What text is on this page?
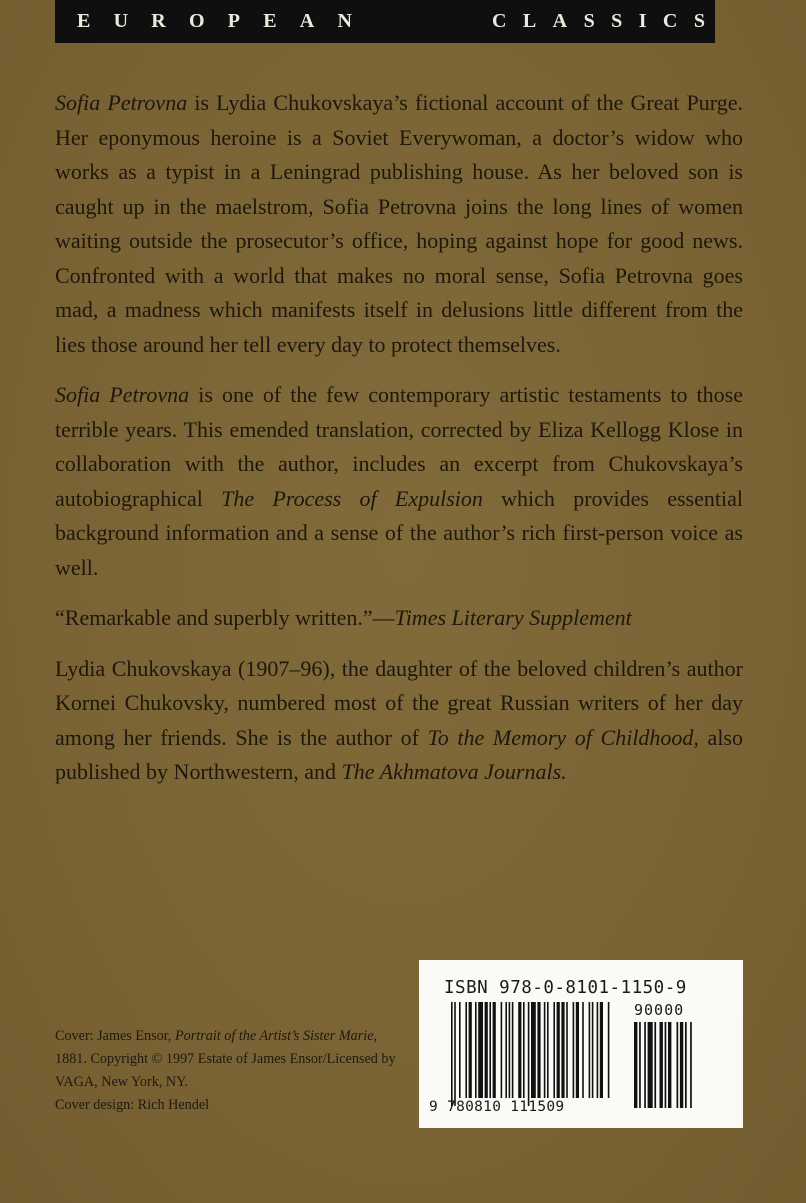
E U R O P E A N	C L A S S I C S

Sofia Petrovna is Lydia Chukovskaya’s fictional account of the Great Purge. Her eponymous heroine is a Soviet Everywoman, a doctor’s widow who works as a typist in a Leningrad publishing house. As her beloved son is caught up in the maelstrom, Sofia Petrovna joins the long lines of women waiting outside the prosecutor’s office, hoping against hope for good news. Confronted with a world that makes no moral sense, Sofia Petrovna goes mad, a madness which manifests itself in delusions little different from the lies those around her tell every day to protect themselves.

Sofia Petrovna is one of the few contemporary artistic testaments to those terrible years. This emended translation, corrected by Eliza Kellogg Klose in collaboration with the author, includes an excerpt from Chukovskaya’s autobiographical The Process of Expulsion which provides essential background information and a sense of the author’s rich first-person voice as well.

“Remarkable and superbly written.”—Times Literary Supplement

Lydia Chukovskaya (1907–96), the daughter of the beloved children’s author Kornei Chukovsky, numbered most of the great Russian writers of her day among her friends. She is the author of To the Memory of Childhood, also published by Northwestern, and The Akhmatova Journals.

Cover: James Ensor, Portrait of the Artist’s Sister Marie, 1881. Copyright © 1997 Estate of James Ensor/Licensed by VAGA, New York, NY.

Cover design: Rich Hendel

ISBN 978-0-8101-1150-9
90000
9 780810 111509
